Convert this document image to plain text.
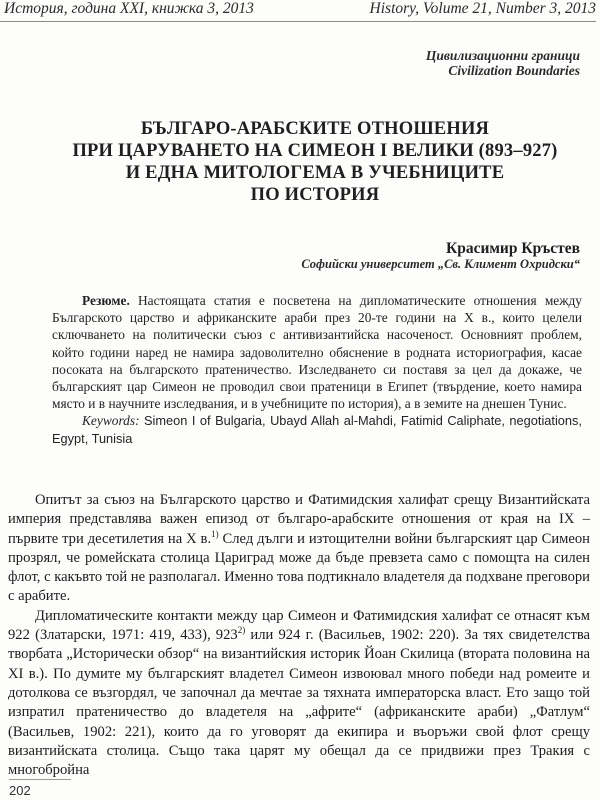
История, година XXI, книжка 3, 2013	History, Volume 21, Number 3, 2013
Цивилизационни граници
Civilization Boundaries
БЪЛГАРО-АРАБСКИТЕ ОТНОШЕНИЯ
ПРИ ЦАРУВАНЕТО НА СИМЕОН І ВЕЛИКИ (893–927)
И ЕДНА МИТОЛОГЕМА В УЧЕБНИЦИТЕ
ПО ИСТОРИЯ
Красимир Кръстев
Софийски университет „Св. Климент Охридски“

Резюме. Настоящата статия е посветена на дипломатическите отношения между Българското царство и африканските араби през 20-те години на Х в., които целели сключването на политически съюз с антивизантийска насоченост. Основният проблем, който години наред не намира задоволително обяснение в родната историография, касае посоката на българското пратеничество. Изследването си поставя за цел да докаже, че българският цар Симеон не проводил свои пратеници в Египет (твърдение, което намира място и в научните изследвания, и в учебниците по история), а в земите на днешен Тунис.

Keywords: Simeon I of Bulgaria, Ubayd Allah al-Mahdi, Fatimid Caliphate, negotiations, Egypt, Tunisia

Опитът за съюз на Българското царство и Фатимидския халифат срещу Византийската империя представлява важен епизод от българо-арабските отношения от края на IX – първите три десетилетия на Х в.$^{1)}$ След дълги и изтощителни войни българският цар Симеон прозрял, че ромейската столица Цариград може да бъде превзета само с помощта на силен флот, с какъвто той не разполагал. Именно това подтикнало владетеля да подхване преговори с арабите.

Дипломатическите контакти между цар Симеон и Фатимидския халифат се отнасят към 922 (Златарски, 1971: 419, 433), 923$^{2)}$ или 924 г. (Васильев, 1902: 220). За тях свидетелства творбата „Исторически обзор“ на византийския историк Йоан Скилица (втората половина на XI в.). По думите му българският владетел Симеон извоювал много победи над ромеите и дотолкова се възгордял, че започнал да мечтае за тяхната императорска власт. Ето защо той изпратил пратеничество до владетеля на „африте“ (африканските араби) „Фатлум“ (Васильев, 1902: 221), които да го уговорят да екипира и въоръжи свой флот срещу византийската столица. Също така царят му обещал да се придвижи през Тракия с многобройна

202
